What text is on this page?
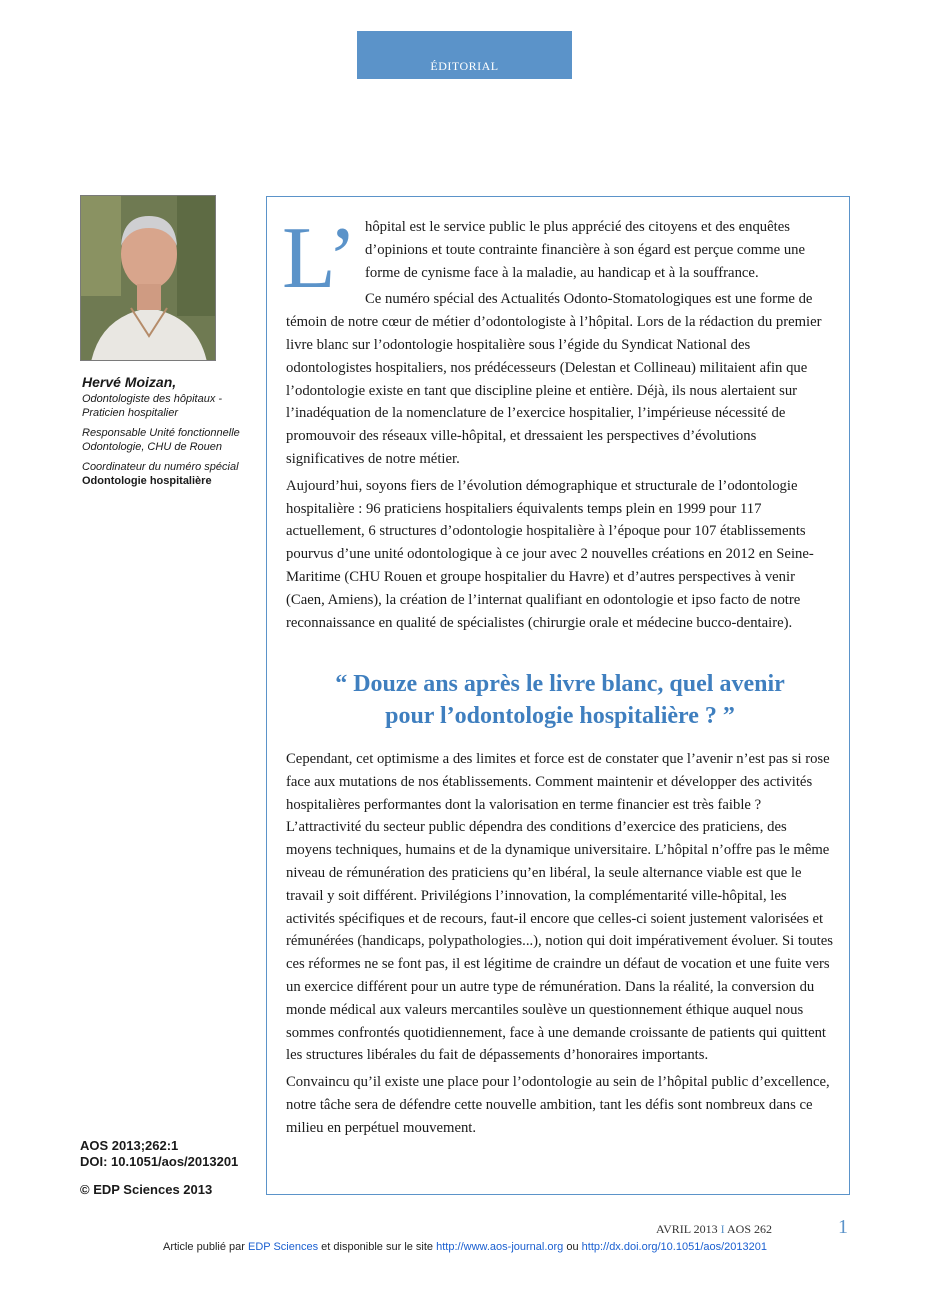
ÉDITORIAL
Hervé Moizan,
Odontologiste des hôpitaux - Praticien hospitalier
Responsable Unité fonctionnelle Odontologie, CHU de Rouen
Coordinateur du numéro spécial Odontologie hospitalière
AOS 2013;262:1
DOI: 10.1051/aos/2013201
© EDP Sciences 2013

L’ hôpital est le service public le plus apprécié des citoyens et des enquêtes d’opinions et toute contrainte financière à son égard est perçue comme une forme de cynisme face à la maladie, au handicap et à la souffrance.

Ce numéro spécial des Actualités Odonto-Stomatologiques est une forme de témoin de notre cœur de métier d’odontologiste à l’hôpital. Lors de la rédaction du premier livre blanc sur l’odontologie hospitalière sous l’égide du Syndicat National des odontologistes hospitaliers, nos prédécesseurs (Delestan et Collineau) militaient afin que l’odontologie existe en tant que discipline pleine et entière. Déjà, ils nous alertaient sur l’inadéquation de la nomenclature de l’exercice hospitalier, l’impérieuse nécessité de promouvoir des réseaux ville-hôpital, et dressaient les perspectives d’évolutions significatives de notre métier.

Aujourd’hui, soyons fiers de l’évolution démographique et structurale de l’odontologie hospitalière : 96 praticiens hospitaliers équivalents temps plein en 1999 pour 117 actuellement, 6 structures d’odontologie hospitalière à l’époque pour 107 établissements pourvus d’une unité odontologique à ce jour avec 2 nouvelles créations en 2012 en Seine-Maritime (CHU Rouen et groupe hospitalier du Havre) et d’autres perspectives à venir (Caen, Amiens), la création de l’internat qualifiant en odontologie et ipso facto de notre reconnaissance en qualité de spécialistes (chirurgie orale et médecine bucco-dentaire).

“ Douze ans après le livre blanc, quel avenir
pour l’odontologie hospitalière ? ”

Cependant, cet optimisme a des limites et force est de constater que l’avenir n’est pas si rose face aux mutations de nos établissements. Comment maintenir et développer des activités hospitalières performantes dont la valorisation en terme financier est très faible ? L’attractivité du secteur public dépendra des conditions d’exercice des praticiens, des moyens techniques, humains et de la dynamique universitaire. L’hôpital n’offre pas le même niveau de rémunération des praticiens qu’en libéral, la seule alternance viable est que le travail y soit différent. Privilégions l’innovation, la complémentarité ville-hôpital, les activités spécifiques et de recours, faut-il encore que celles-ci soient justement valorisées et rémunérées (handicaps, polypathologies...), notion qui doit impérativement évoluer. Si toutes ces réformes ne se font pas, il est légitime de craindre un défaut de vocation et une fuite vers un exercice différent pour un autre type de rémunération. Dans la réalité, la conversion du monde médical aux valeurs mercantiles soulève un questionnement éthique auquel nous sommes confrontés quotidiennement, face à une demande croissante de patients qui quittent les structures libérales du fait de dépassements d’honoraires importants.

Convaincu qu’il existe une place pour l’odontologie au sein de l’hôpital public d’excellence, notre tâche sera de défendre cette nouvelle ambition, tant les défis sont nombreux dans ce milieu en perpétuel mouvement.

AVRIL 2013 I AOS 262	1
Article publié par EDP Sciences et disponible sur le site http://www.aos-journal.org ou http://dx.doi.org/10.1051/aos/2013201
